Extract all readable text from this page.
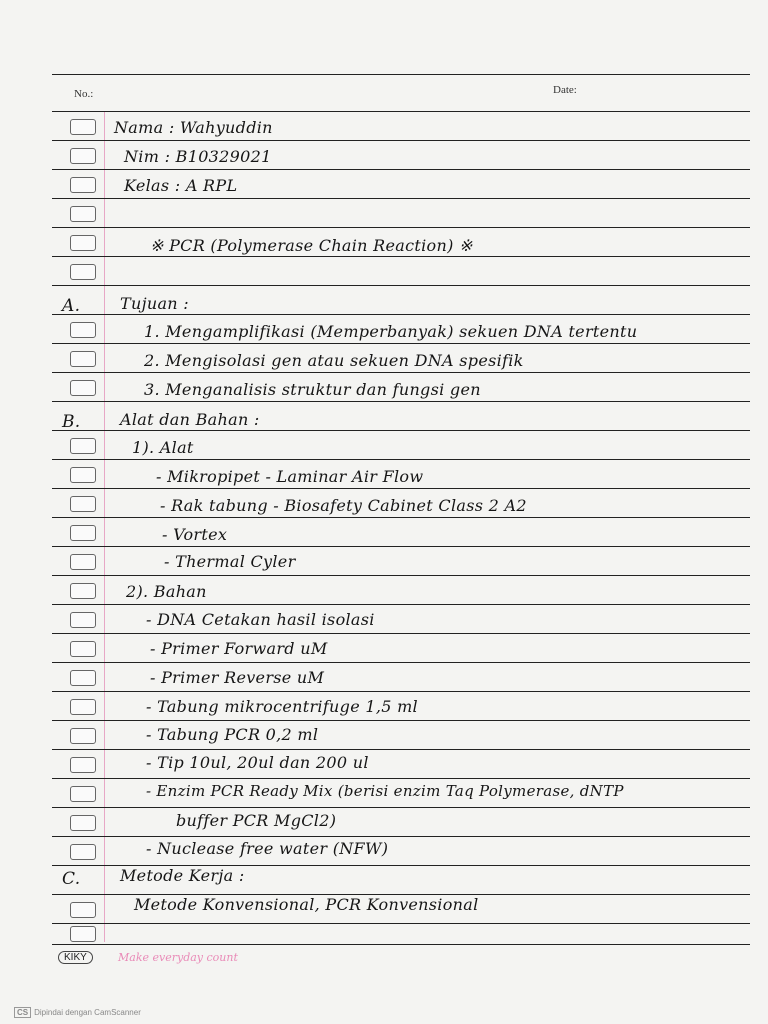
No.:	Date:
A.
B.
C.
Nama : Wahyuddin
Nim : B10329021
Kelas : A RPL
※ PCR (Polymerase Chain Reaction) ※
Tujuan :
1. Mengamplifikasi (Memperbanyak) sekuen DNA tertentu
2. Mengisolasi gen atau sekuen DNA spesifik
3. Menganalisis struktur dan fungsi gen
Alat dan Bahan :
1). Alat
- Mikropipet - Laminar Air Flow
- Rak tabung - Biosafety Cabinet Class 2 A2
- Vortex
- Thermal Cyler
2). Bahan
- DNA Cetakan hasil isolasi
- Primer Forward uM
- Primer Reverse uM
- Tabung mikrocentrifuge 1,5 ml
- Tabung PCR 0,2 ml
- Tip 10ul, 20ul dan 200 ul
- Enzim PCR Ready Mix (berisi enzim Taq Polymerase, dNTP
buffer PCR MgCl2)
- Nuclease free water (NFW)
Metode Kerja :
Metode Konvensional, PCR Konvensional
KIKY	Make everyday count
CS Dipindai dengan CamScanner
